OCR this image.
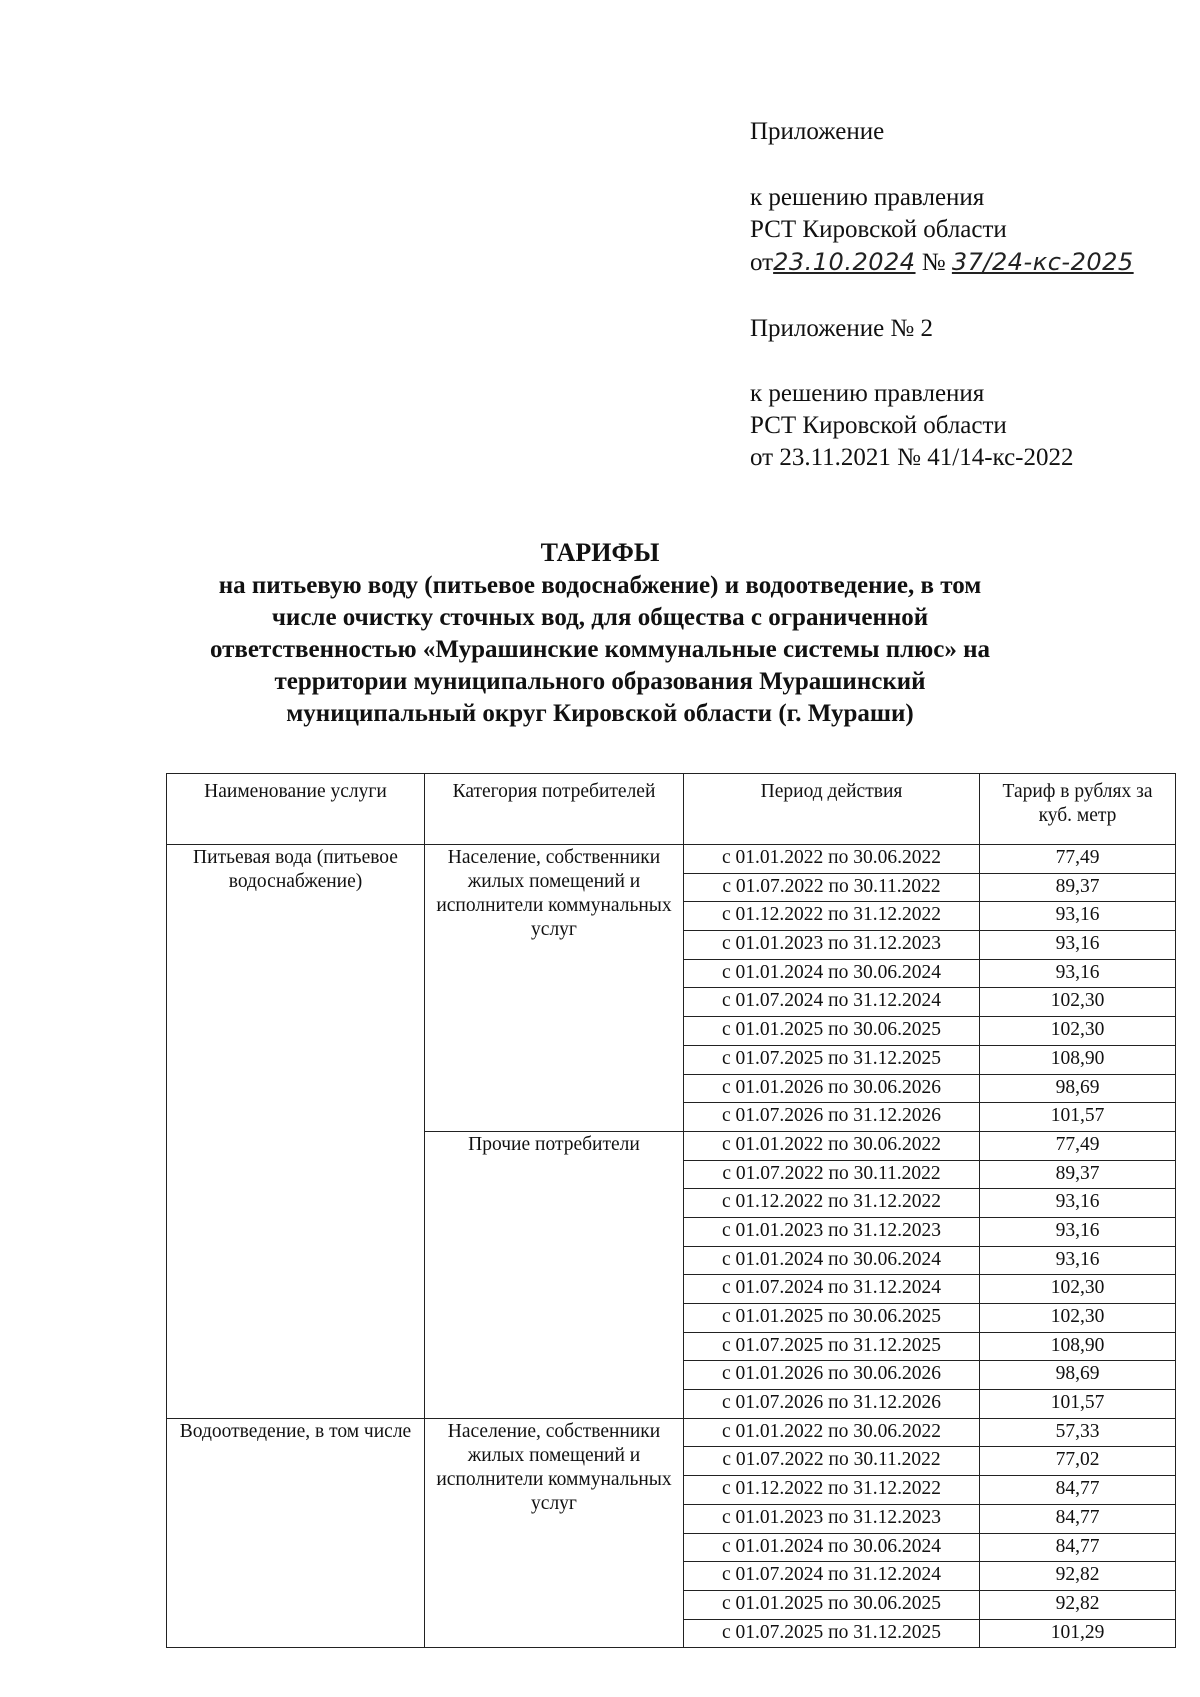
Приложение
к решению правления
РСТ Кировской области
от23.10.2024 № 37/24-кс-2025
Приложение № 2
к решению правления
РСТ Кировской области
от 23.11.2021 № 41/14-кс-2022
ТАРИФЫ
на питьевую воду (питьевое водоснабжение) и водоотведение, в том
числе очистку сточных вод, для общества с ограниченной
ответственностью «Мурашинские коммунальные системы плюс» на
территории муниципального образования Мурашинский
муниципальный округ Кировской области (г. Мураши)
Наименование услуги	Категория потребителей	Период действия	Тариф в рублях за куб. метр
Питьевая вода (питьевое водоснабжение)	Население, собственники жилых помещений и исполнители коммунальных услуг	с 01.01.2022 по 30.06.2022	77,49
		с 01.07.2022 по 30.11.2022	89,37
		с 01.12.2022 по 31.12.2022	93,16
		с 01.01.2023 по 31.12.2023	93,16
		с 01.01.2024 по 30.06.2024	93,16
		с 01.07.2024 по 31.12.2024	102,30
		с 01.01.2025 по 30.06.2025	102,30
		с 01.07.2025 по 31.12.2025	108,90
		с 01.01.2026 по 30.06.2026	98,69
		с 01.07.2026 по 31.12.2026	101,57
	Прочие потребители	с 01.01.2022 по 30.06.2022	77,49
		с 01.07.2022 по 30.11.2022	89,37
		с 01.12.2022 по 31.12.2022	93,16
		с 01.01.2023 по 31.12.2023	93,16
		с 01.01.2024 по 30.06.2024	93,16
		с 01.07.2024 по 31.12.2024	102,30
		с 01.01.2025 по 30.06.2025	102,30
		с 01.07.2025 по 31.12.2025	108,90
		с 01.01.2026 по 30.06.2026	98,69
		с 01.07.2026 по 31.12.2026	101,57
Водоотведение, в том числе	Население, собственники жилых помещений и исполнители коммунальных услуг	с 01.01.2022 по 30.06.2022	57,33
		с 01.07.2022 по 30.11.2022	77,02
		с 01.12.2022 по 31.12.2022	84,77
		с 01.01.2023 по 31.12.2023	84,77
		с 01.01.2024 по 30.06.2024	84,77
		с 01.07.2024 по 31.12.2024	92,82
		с 01.01.2025 по 30.06.2025	92,82
		с 01.07.2025 по 31.12.2025	101,29
